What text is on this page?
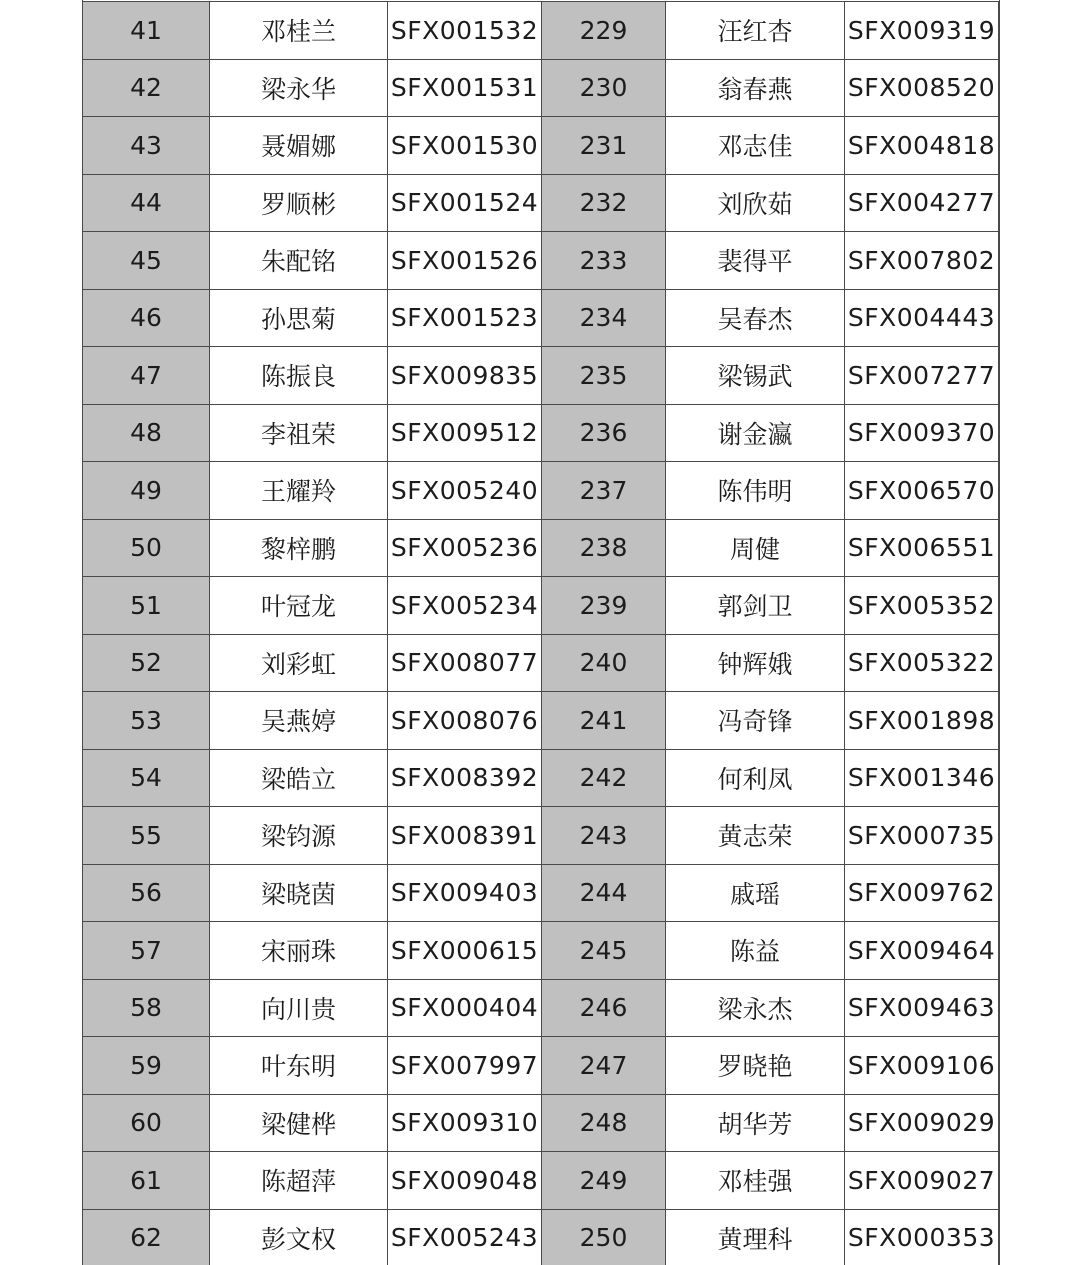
41	邓桂兰	SFX001532	229	汪红杏	SFX009319
42	梁永华	SFX001531	230	翁春燕	SFX008520
43	聂媚娜	SFX001530	231	邓志佳	SFX004818
44	罗顺彬	SFX001524	232	刘欣茹	SFX004277
45	朱配铭	SFX001526	233	裴得平	SFX007802
46	孙思菊	SFX001523	234	吴春杰	SFX004443
47	陈振良	SFX009835	235	梁锡武	SFX007277
48	李祖荣	SFX009512	236	谢金瀛	SFX009370
49	王耀羚	SFX005240	237	陈伟明	SFX006570
50	黎梓鹏	SFX005236	238	周健	SFX006551
51	叶冠龙	SFX005234	239	郭剑卫	SFX005352
52	刘彩虹	SFX008077	240	钟辉娥	SFX005322
53	吴燕婷	SFX008076	241	冯奇锋	SFX001898
54	梁皓立	SFX008392	242	何利凤	SFX001346
55	梁钧源	SFX008391	243	黄志荣	SFX000735
56	梁晓茵	SFX009403	244	戚瑶	SFX009762
57	宋丽珠	SFX000615	245	陈益	SFX009464
58	向川贵	SFX000404	246	梁永杰	SFX009463
59	叶东明	SFX007997	247	罗晓艳	SFX009106
60	梁健桦	SFX009310	248	胡华芳	SFX009029
61	陈超萍	SFX009048	249	邓桂强	SFX009027
62	彭文权	SFX005243	250	黄理科	SFX000353
